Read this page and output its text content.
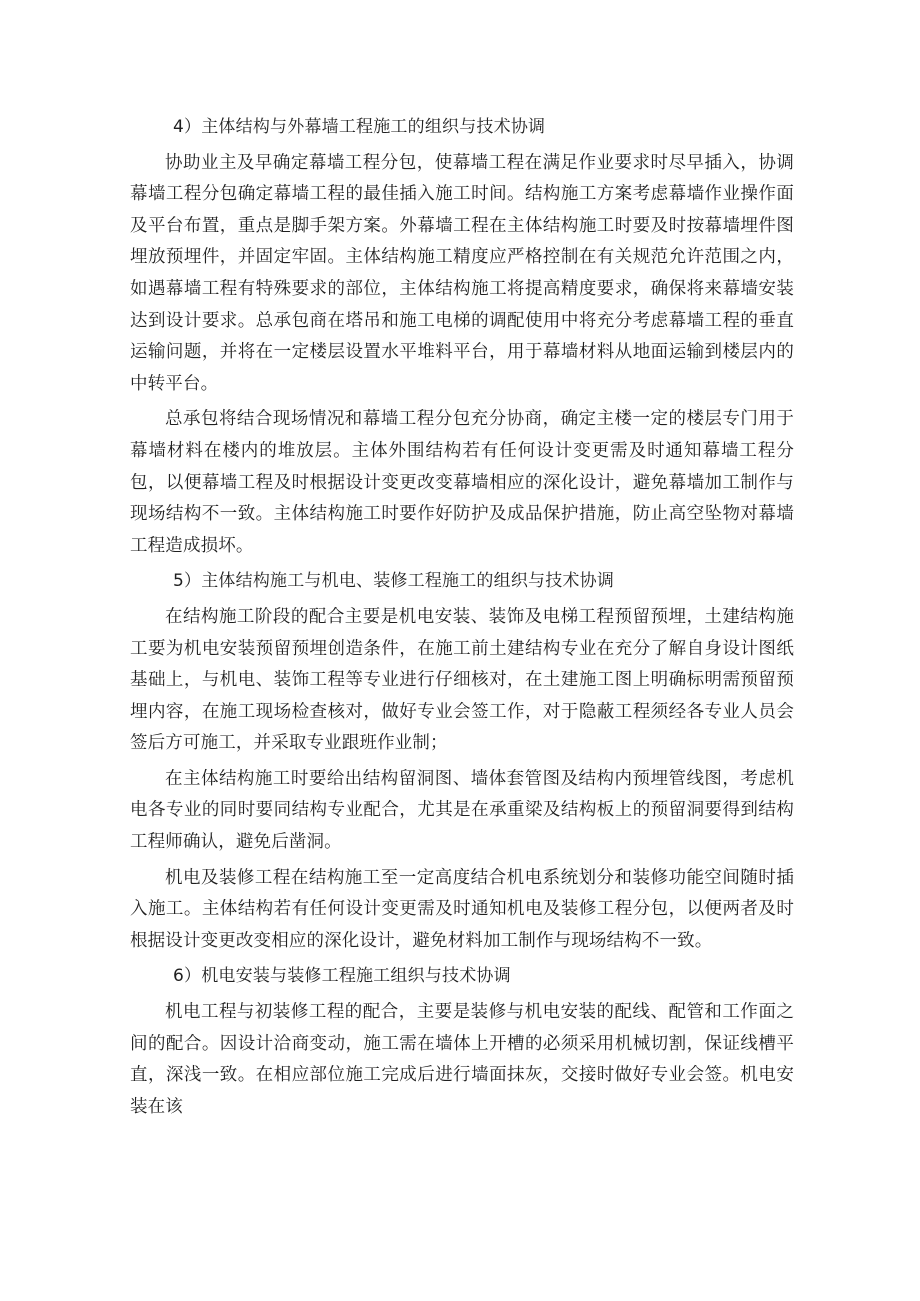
4）主体结构与外幕墙工程施工的组织与技术协调

协助业主及早确定幕墙工程分包，使幕墙工程在满足作业要求时尽早插入，协调幕墙工程分包确定幕墙工程的最佳插入施工时间。结构施工方案考虑幕墙作业操作面及平台布置，重点是脚手架方案。外幕墙工程在主体结构施工时要及时按幕墙埋件图埋放预埋件，并固定牢固。主体结构施工精度应严格控制在有关规范允许范围之内，如遇幕墙工程有特殊要求的部位，主体结构施工将提高精度要求，确保将来幕墙安装达到设计要求。总承包商在塔吊和施工电梯的调配使用中将充分考虑幕墙工程的垂直运输问题，并将在一定楼层设置水平堆料平台，用于幕墙材料从地面运输到楼层内的中转平台。

总承包将结合现场情况和幕墙工程分包充分协商，确定主楼一定的楼层专门用于幕墙材料在楼内的堆放层。主体外围结构若有任何设计变更需及时通知幕墙工程分包，以便幕墙工程及时根据设计变更改变幕墙相应的深化设计，避免幕墙加工制作与现场结构不一致。主体结构施工时要作好防护及成品保护措施，防止高空坠物对幕墙工程造成损坏。

5）主体结构施工与机电、装修工程施工的组织与技术协调

在结构施工阶段的配合主要是机电安装、装饰及电梯工程预留预埋，土建结构施工要为机电安装预留预埋创造条件，在施工前土建结构专业在充分了解自身设计图纸基础上，与机电、装饰工程等专业进行仔细核对，在土建施工图上明确标明需预留预埋内容，在施工现场检查核对，做好专业会签工作，对于隐蔽工程须经各专业人员会签后方可施工，并采取专业跟班作业制；

在主体结构施工时要给出结构留洞图、墙体套管图及结构内预埋管线图，考虑机电各专业的同时要同结构专业配合，尤其是在承重梁及结构板上的预留洞要得到结构工程师确认，避免后凿洞。

机电及装修工程在结构施工至一定高度结合机电系统划分和装修功能空间随时插入施工。主体结构若有任何设计变更需及时通知机电及装修工程分包，以便两者及时根据设计变更改变相应的深化设计，避免材料加工制作与现场结构不一致。

6）机电安装与装修工程施工组织与技术协调

机电工程与初装修工程的配合，主要是装修与机电安装的配线、配管和工作面之间的配合。因设计洽商变动，施工需在墙体上开槽的必须采用机械切割，保证线槽平直，深浅一致。在相应部位施工完成后进行墙面抹灰，交接时做好专业会签。机电安装在该
